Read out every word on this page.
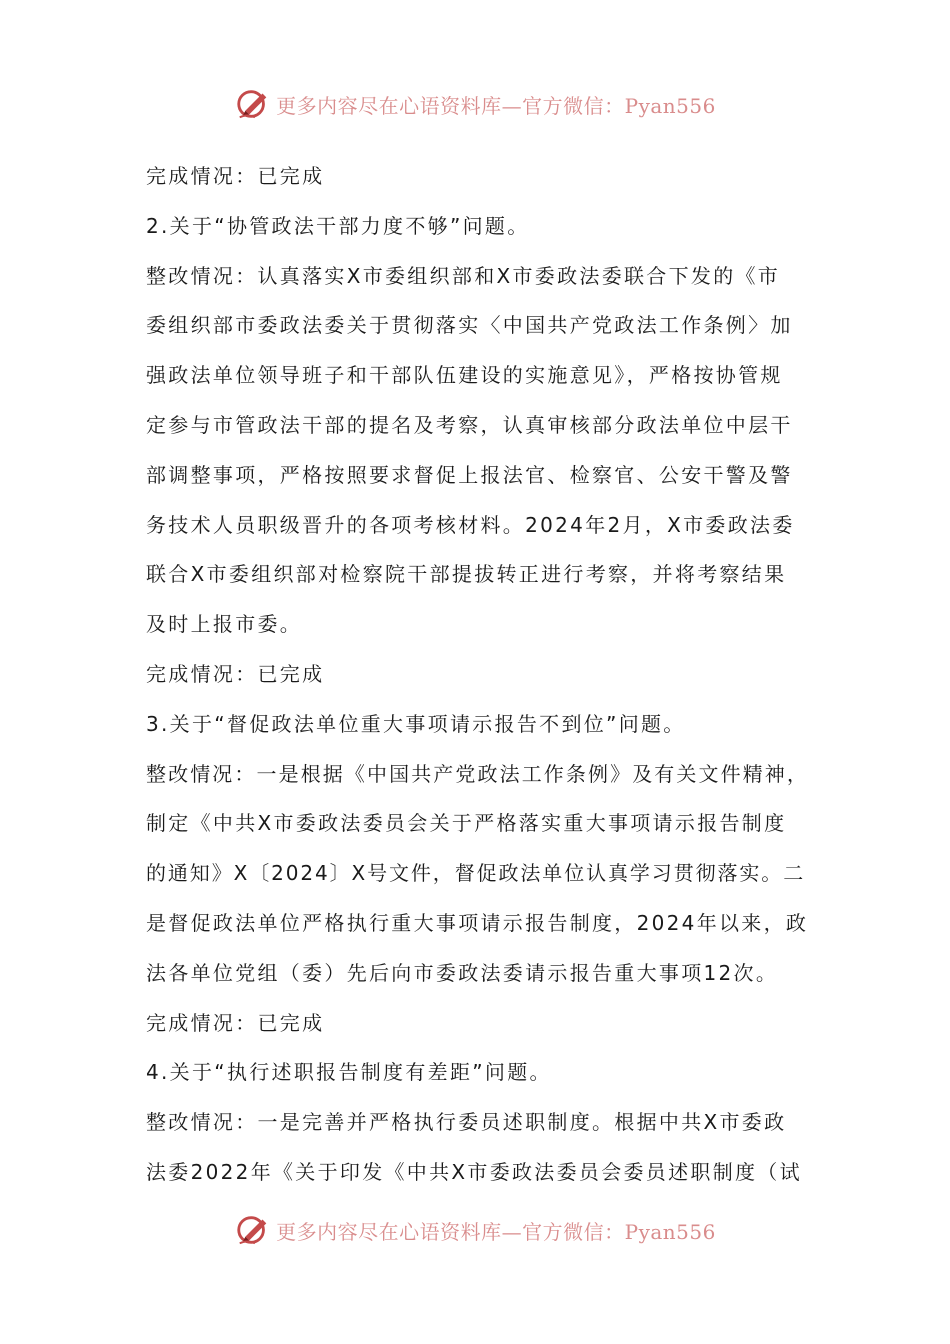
更多内容尽在心语资料库—官方微信：Pyan556
完成情况：已完成
2.关于“协管政法干部力度不够”问题。
整改情况：认真落实X市委组织部和X市委政法委联合下发的《市
委组织部市委政法委关于贯彻落实〈中国共产党政法工作条例〉加
强政法单位领导班子和干部队伍建设的实施意见》，严格按协管规
定参与市管政法干部的提名及考察，认真审核部分政法单位中层干
部调整事项，严格按照要求督促上报法官、检察官、公安干警及警
务技术人员职级晋升的各项考核材料。2024年2月，X市委政法委
联合X市委组织部对检察院干部提拔转正进行考察，并将考察结果
及时上报市委。
完成情况：已完成
3.关于“督促政法单位重大事项请示报告不到位”问题。
整改情况：一是根据《中国共产党政法工作条例》及有关文件精神，
制定《中共X市委政法委员会关于严格落实重大事项请示报告制度
的通知》X〔2024〕X号文件，督促政法单位认真学习贯彻落实。二
是督促政法单位严格执行重大事项请示报告制度，2024年以来，政
法各单位党组（委）先后向市委政法委请示报告重大事项12次。
完成情况：已完成
4.关于“执行述职报告制度有差距”问题。
整改情况：一是完善并严格执行委员述职制度。根据中共X市委政
法委2022年《关于印发《中共X市委政法委员会委员述职制度（试
更多内容尽在心语资料库—官方微信：Pyan556
